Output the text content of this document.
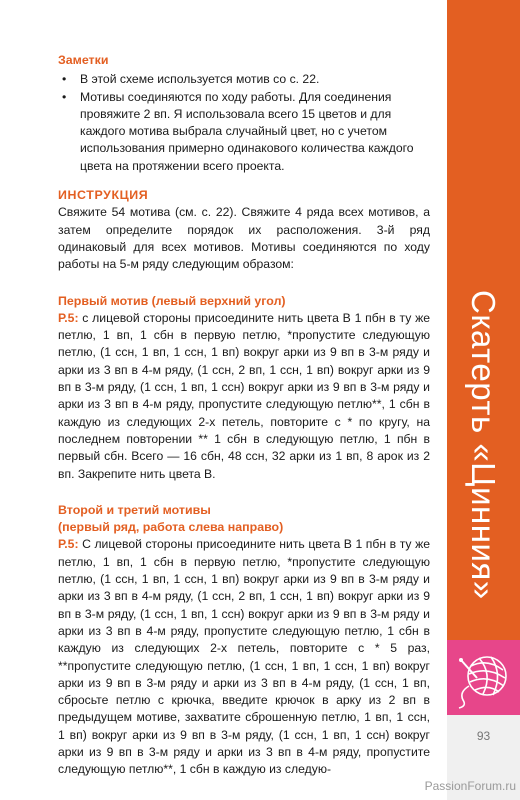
Заметки
• В этой схеме используется мотив со с. 22.
• Мотивы соединяются по ходу работы. Для соединения провяжите 2 вп. Я использовала всего 15 цветов и для каждого мотива выбрала случайный цвет, но с учетом использования примерно одинакового количества каждого цвета на протяжении всего проекта.
ИНСТРУКЦИЯ

Свяжите 54 мотива (см. с. 22). Свяжите 4 ряда всех мотивов, а затем определите порядок их расположения. 3-й ряд одинаковый для всех мотивов. Мотивы соединяются по ходу работы на 5-м ряду следующим образом:

Первый мотив (левый верхний угол)

Р.5: с лицевой стороны присоедините нить цвета В 1 пбн в ту же петлю, 1 вп, 1 сбн в первую петлю, *пропустите следующую петлю, (1 ссн, 1 вп, 1 ссн, 1 вп) вокруг арки из 9 вп в 3-м ряду и арки из 3 вп в 4-м ряду, (1 ссн, 2 вп, 1 ссн, 1 вп) вокруг арки из 9 вп в 3-м ряду, (1 ссн, 1 вп, 1 ссн) вокруг арки из 9 вп в 3-м ряду и арки из 3 вп в 4-м ряду, пропустите следующую петлю**, 1 сбн в каждую из следующих 2-х петель, повторите с * по кругу, на последнем повторении ** 1 сбн в следующую петлю, 1 пбн в первый сбн. Всего — 16 сбн, 48 ссн, 32 арки из 1 вп, 8 арок из 2 вп. Закрепите нить цвета В.

Второй и третий мотивы
(первый ряд, работа слева направо)

Р.5: С лицевой стороны присоедините нить цвета В 1 пбн в ту же петлю, 1 вп, 1 сбн в первую петлю, *пропустите следующую петлю, (1 ссн, 1 вп, 1 ссн, 1 вп) вокруг арки из 9 вп в 3-м ряду и арки из 3 вп в 4-м ряду, (1 ссн, 2 вп, 1 ссн, 1 вп) вокруг арки из 9 вп в 3-м ряду, (1 ссн, 1 вп, 1 ссн) вокруг арки из 9 вп в 3-м ряду и арки из 3 вп в 4-м ряду, пропустите следующую петлю, 1 сбн в каждую из следующих 2-х петель, повторите с * 5 раз, **пропустите следующую петлю, (1 ссн, 1 вп, 1 ссн, 1 вп) вокруг арки из 9 вп в 3-м ряду и арки из 3 вп в 4-м ряду, (1 ссн, 1 вп, сбросьте петлю с крючка, введите крючок в арку из 2 вп в предыдущем мотиве, захватите сброшенную петлю, 1 вп, 1 ссн, 1 вп) вокруг арки из 9 вп в 3-м ряду, (1 ссн, 1 вп, 1 ссн) вокруг арки из 9 вп в 3-м ряду и арки из 3 вп в 4-м ряду, пропустите следующую петлю**, 1 сбн в каждую из следую-

Скатерть «Цинния»
93
PassionForum.ru
